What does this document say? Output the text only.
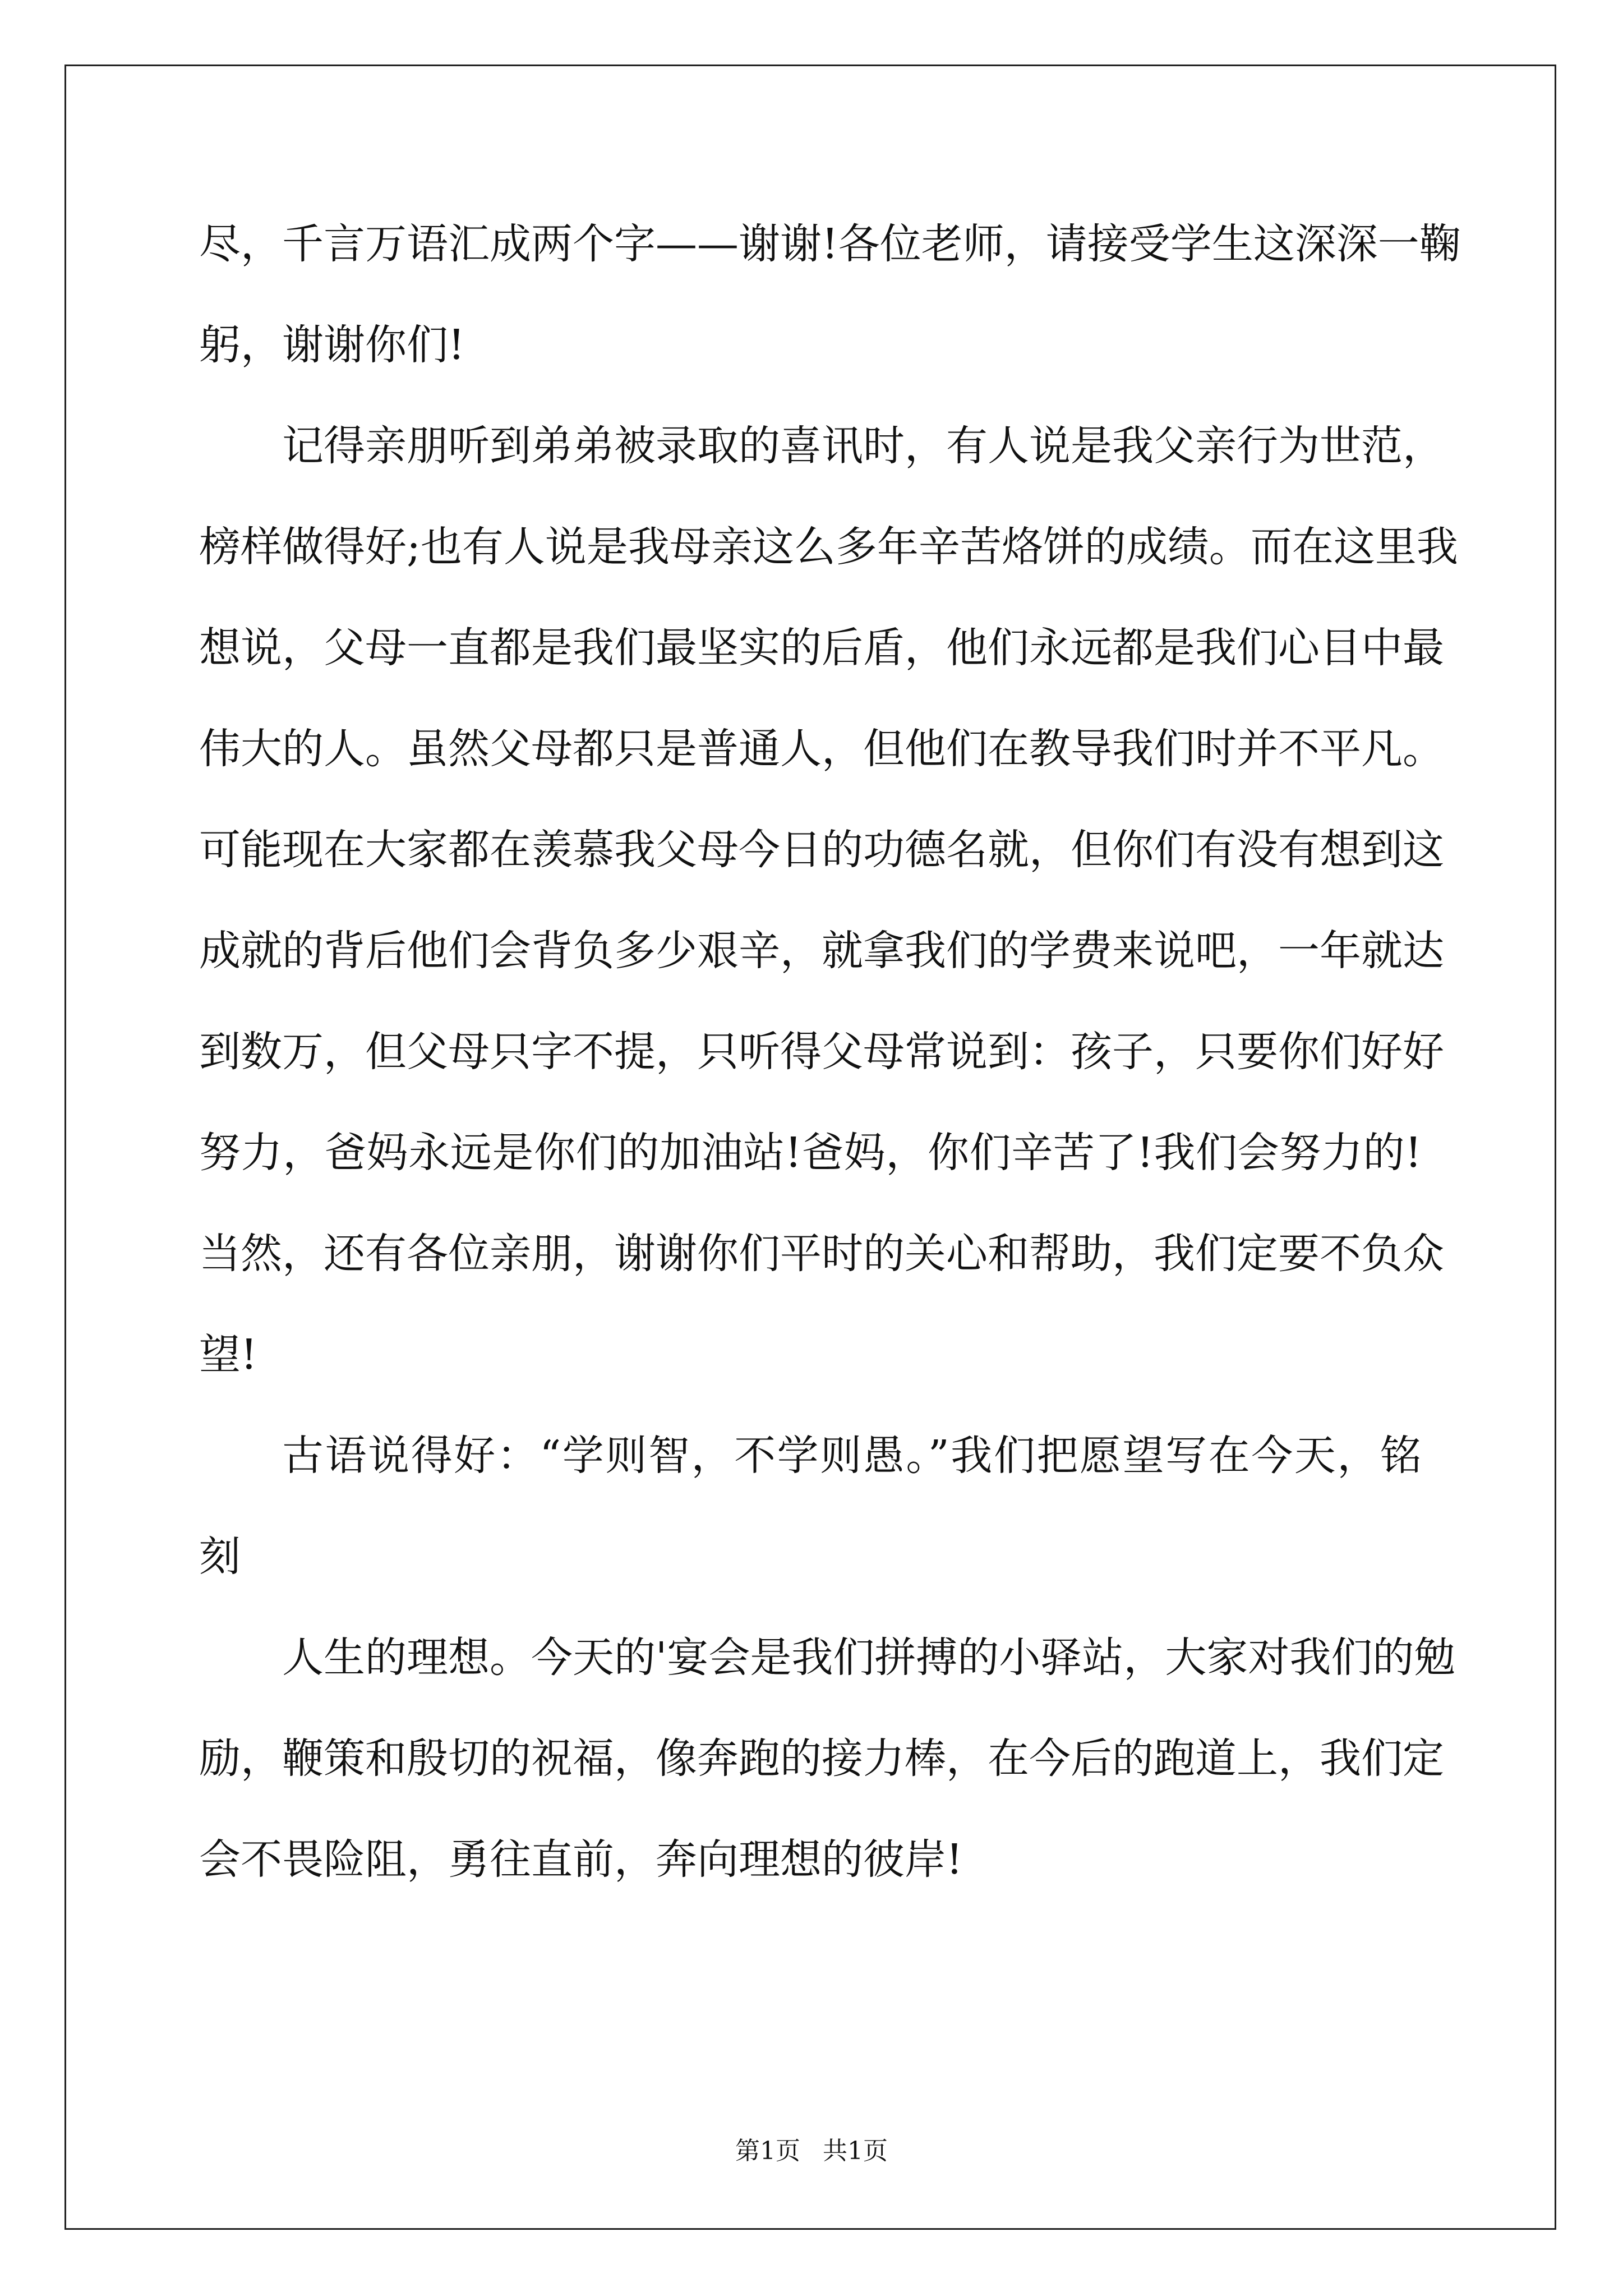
尽，千言万语汇成两个字——谢谢!各位老师，请接受学生这深深一鞠
躬，谢谢你们!
记得亲朋听到弟弟被录取的喜讯时，有人说是我父亲行为世范，
榜样做得好;也有人说是我母亲这么多年辛苦烙饼的成绩。而在这里我
想说，父母一直都是我们最坚实的后盾，他们永远都是我们心目中最
伟大的人。虽然父母都只是普通人，但他们在教导我们时并不平凡。
可能现在大家都在羡慕我父母今日的功德名就，但你们有没有想到这
成就的背后他们会背负多少艰辛，就拿我们的学费来说吧，一年就达
到数万，但父母只字不提，只听得父母常说到：孩子，只要你们好好
努力，爸妈永远是你们的加油站!爸妈，你们辛苦了!我们会努力的!
当然，还有各位亲朋，谢谢你们平时的关心和帮助，我们定要不负众
望!
古语说得好：“学则智，不学则愚。”我们把愿望写在今天，铭
刻
人生的理想。今天的'宴会是我们拼搏的小驿站，大家对我们的勉
励，鞭策和殷切的祝福，像奔跑的接力棒，在今后的跑道上，我们定
会不畏险阻，勇往直前，奔向理想的彼岸!
第1页 共1页
